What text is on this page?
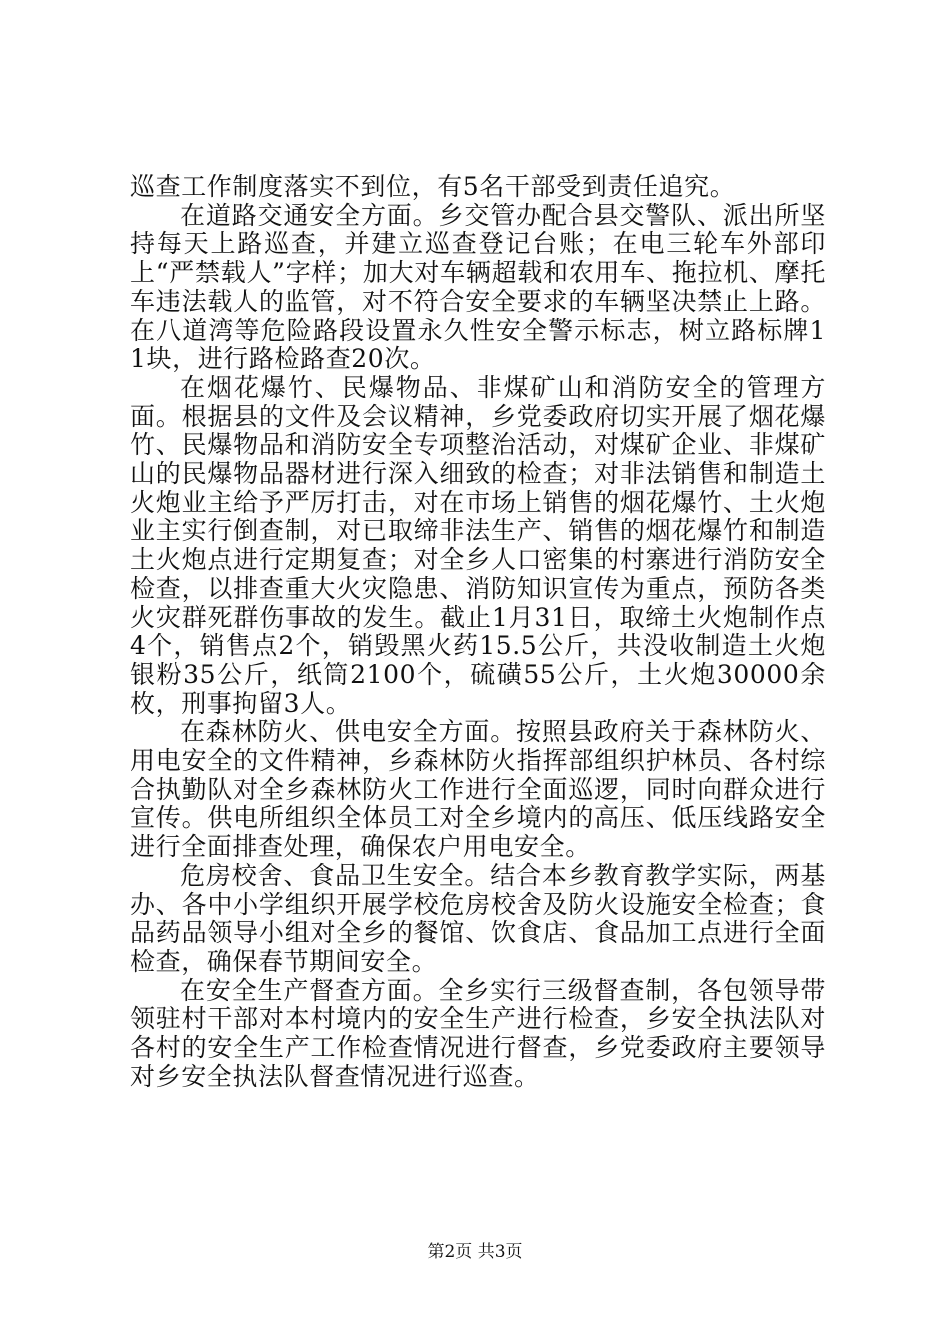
巡查工作制度落实不到位，有5名干部受到责任追究。

在道路交通安全方面。乡交管办配合县交警队、派出所坚持每天上路巡查，并建立巡查登记台账；在电三轮车外部印上“严禁载人”字样；加大对车辆超载和农用车、拖拉机、摩托车违法载人的监管，对不符合安全要求的车辆坚决禁止上路。在八道湾等危险路段设置永久性安全警示标志，树立路标牌11块，进行路检路查20次。

在烟花爆竹、民爆物品、非煤矿山和消防安全的管理方面。根据县的文件及会议精神，乡党委政府切实开展了烟花爆竹、民爆物品和消防安全专项整治活动，对煤矿企业、非煤矿山的民爆物品器材进行深入细致的检查；对非法销售和制造土火炮业主给予严厉打击，对在市场上销售的烟花爆竹、土火炮业主实行倒查制，对已取缔非法生产、销售的烟花爆竹和制造土火炮点进行定期复查；对全乡人口密集的村寨进行消防安全检查，以排查重大火灾隐患、消防知识宣传为重点，预防各类火灾群死群伤事故的发生。截止1月31日，取缔土火炮制作点4个，销售点2个，销毁黑火药15.5公斤，共没收制造土火炮银粉35公斤，纸筒2100个，硫磺55公斤，土火炮30000余枚，刑事拘留3人。

在森林防火、供电安全方面。按照县政府关于森林防火、用电安全的文件精神，乡森林防火指挥部组织护林员、各村综合执勤队对全乡森林防火工作进行全面巡逻，同时向群众进行宣传。供电所组织全体员工对全乡境内的高压、低压线路安全进行全面排查处理，确保农户用电安全。

危房校舍、食品卫生安全。结合本乡教育教学实际，两基办、各中小学组织开展学校危房校舍及防火设施安全检查；食品药品领导小组对全乡的餐馆、饮食店、食品加工点进行全面检查，确保春节期间安全。

在安全生产督查方面。全乡实行三级督查制，各包领导带领驻村干部对本村境内的安全生产进行检查，乡安全执法队对各村的安全生产工作检查情况进行督查，乡党委政府主要领导对乡安全执法队督查情况进行巡查。

第2页 共3页
